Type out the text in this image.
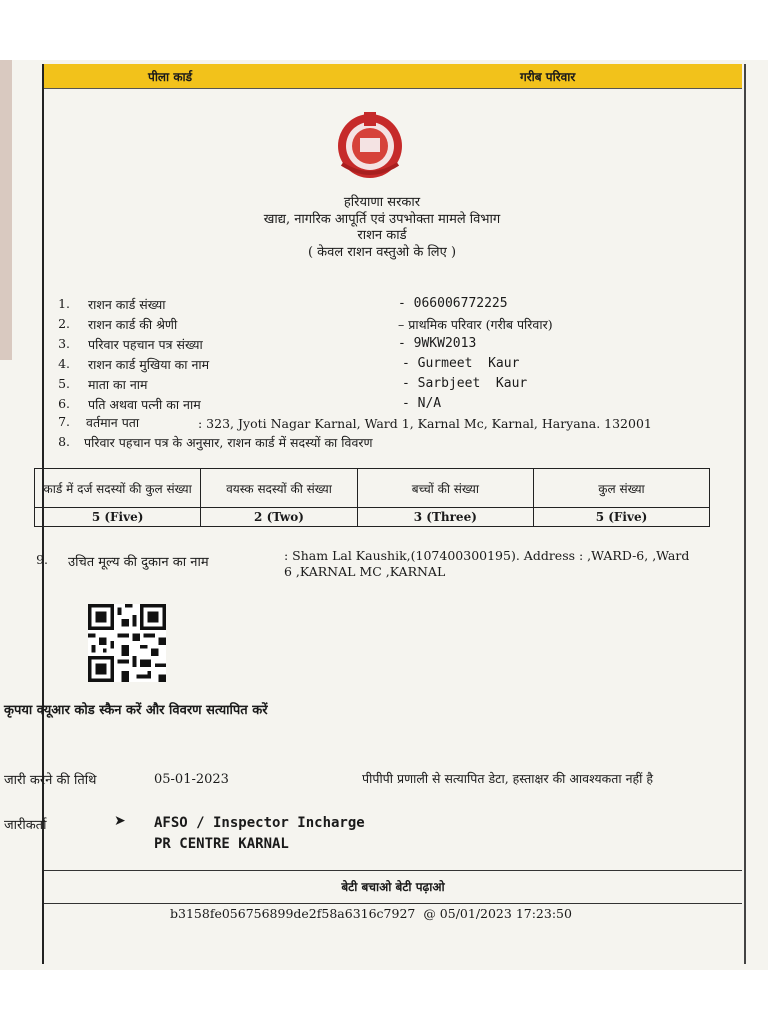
पीला कार्ड	गरीब परिवार
हरियाणा सरकार
खाद्य, नागरिक आपूर्ति एवं उपभोक्ता मामले विभाग
राशन कार्ड
( केवल राशन वस्तुओ के लिए )
1. राशन कार्ड संख्या	- 066006772225
2. राशन कार्ड की श्रेणी	– प्राथमिक परिवार (गरीब परिवार)
3. परिवार पहचान पत्र संख्या	- 9WKW2013
4. राशन कार्ड मुखिया का नाम	- Gurmeet  Kaur
5. माता का नाम	- Sarbjeet  Kaur
6. पति अथवा पत्नी का नाम	- N/A
7. वर्तमान पता	: 323, Jyoti Nagar Karnal, Ward 1, Karnal Mc, Karnal, Haryana. 132001
8. परिवार पहचान पत्र के अनुसार, राशन कार्ड में सदस्यों का विवरण
कार्ड में दर्ज सदस्यों की कुल संख्या	वयस्क सदस्यों की संख्या	बच्चों की संख्या	कुल संख्या
5 (Five)	2 (Two)	3 (Three)	5 (Five)
9. उचित मूल्य की दुकान का नाम	: Sham Lal Kaushik,(107400300195). Address : ,WARD-6, ,Ward
6 ,KARNAL MC ,KARNAL
कृपया क्यूआर कोड स्कैन करें और विवरण सत्यापित करें
जारी करने की तिथि	05-01-2023	पीपीपी प्रणाली से सत्यापित डेटा, हस्ताक्षर की आवश्यकता नहीं है
जारीकर्ता	➤ AFSO / Inspector Incharge
PR CENTRE KARNAL
बेटी बचाओ बेटी पढ़ाओ
b3158fe056756899de2f58a6316c7927  @ 05/01/2023 17:23:50
